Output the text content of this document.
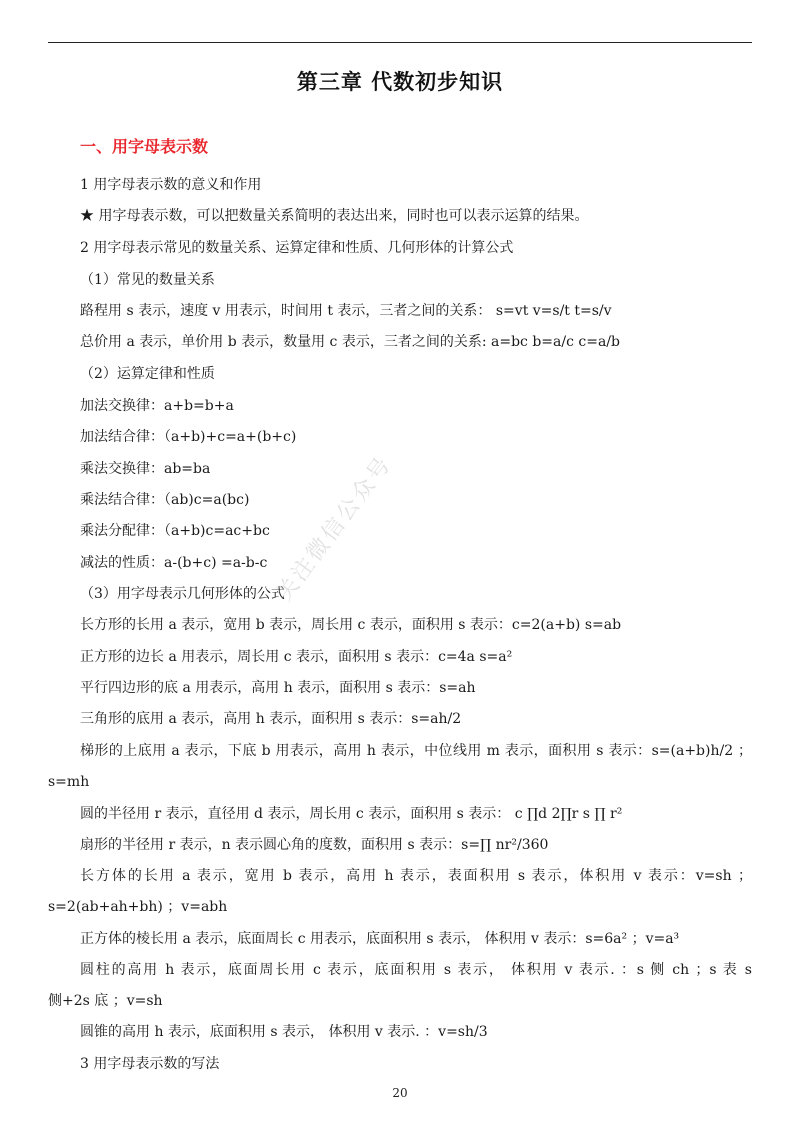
第三章 代数初步知识
一、用字母表示数
1 用字母表示数的意义和作用
★ 用字母表示数，可以把数量关系简明的表达出来，同时也可以表示运算的结果。
2 用字母表示常见的数量关系、运算定律和性质、几何形体的计算公式
（1）常见的数量关系
路程用 s 表示，速度 v 用表示，时间用 t 表示，三者之间的关系： s=vt v=s/t t=s/v
总价用 a 表示，单价用 b 表示，数量用 c 表示，三者之间的关系: a=bc b=a/c c=a/b
（2）运算定律和性质
加法交换律：a+b=b+a
加法结合律：（a+b)+c=a+(b+c)
乘法交换律：ab=ba
乘法结合律：（ab)c=a(bc)
乘法分配律：（a+b)c=ac+bc
减法的性质：a-(b+c) =a-b-c
（3）用字母表示几何形体的公式
长方形的长用 a 表示，宽用 b 表示，周长用 c 表示，面积用 s 表示：c=2(a+b) s=ab
正方形的边长 a 用表示，周长用 c 表示，面积用 s 表示：c=4a s=a²
平行四边形的底 a 用表示，高用 h 表示，面积用 s 表示：s=ah
三角形的底用 a 表示，高用 h 表示，面积用 s 表示：s=ah/2
梯形的上底用 a 表示，下底 b 用表示，高用 h 表示，中位线用 m 表示，面积用 s 表示：s=(a+b)h/2 ；
s=mh
圆的半径用 r 表示，直径用 d 表示，周长用 c 表示，面积用 s 表示： c ∏d 2∏r s ∏ r²
扇形的半径用 r 表示，n 表示圆心角的度数，面积用 s 表示：s=∏ nr²/360
长方体的长用 a 表示，宽用 b 表示，高用 h 表示，表面积用 s 表示，体积用 v 表示：v=sh ；
s=2(ab+ah+bh) ；v=abh
正方体的棱长用 a 表示，底面周长 c 用表示，底面积用 s 表示， 体积用 v 表示：s=6a² ；v=a³
圆柱的高用 h 表示，底面周长用 c 表示，底面积用 s 表示， 体积用 v 表示. ：s 侧 ch ；s 表 s
侧+2s 底 ；v=sh
圆锥的高用 h 表示，底面积用 s 表示， 体积用 v 表示. ：v=sh/3
3 用字母表示数的写法
关注微信公众号
20
